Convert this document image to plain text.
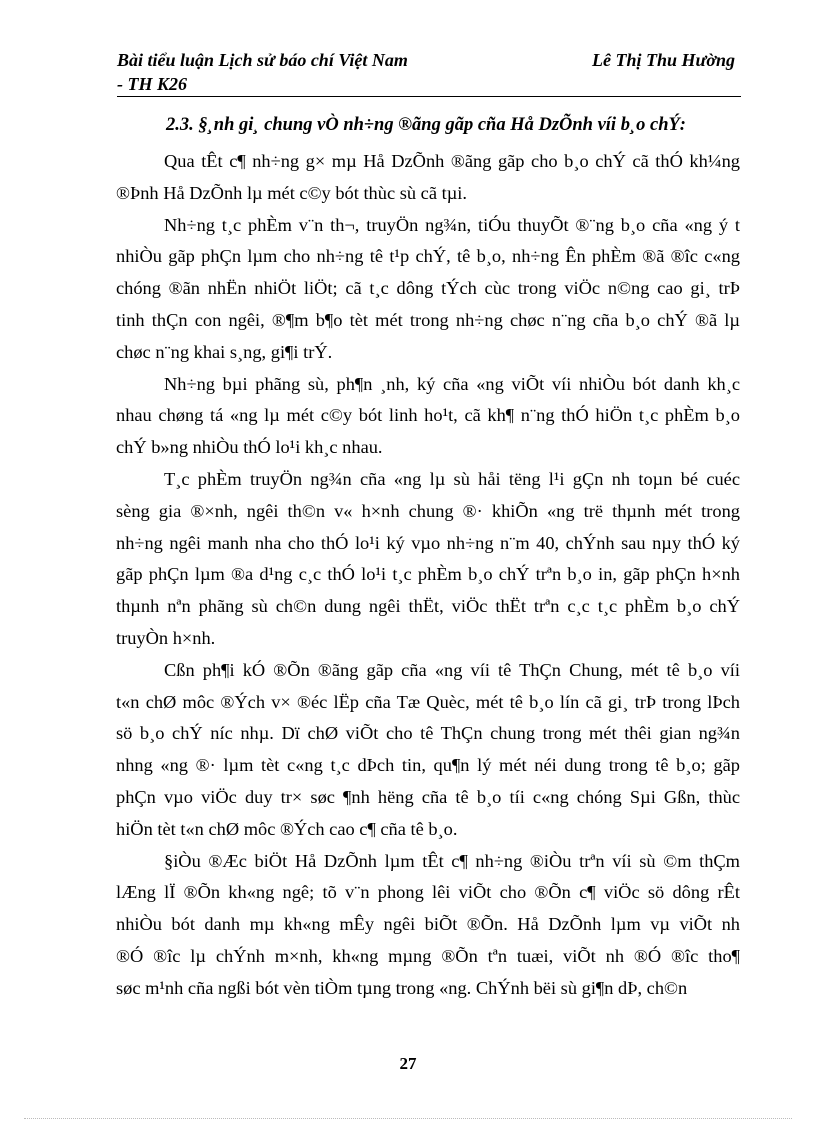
Bài tiểu luận Lịch sử báo chí Việt Nam
- TH K26
Lê Thị Thu Hường
2.3. §¸nh gi¸ chung vÒ nh÷ng ®ãng gãp cña Hå DzÕnh víi b¸o chÝ:
Qua tÊt c¶ nh÷ng g× mµ Hå DzÕnh ®ãng gãp cho b¸o chÝ cã thÓ kh¼ng
®Þnh Hå DzÕnh lµ mét c©y bót thùc sù cã tµi.
Nh÷ng t¸c phÈm v¨n th¬, truyÖn ng¾n, tiÓu thuyÕt ®¨ng b¸o cña «ng ý t
nhiÒu gãp phÇn lµm cho nh÷ng tê t¹p chÝ, tê b¸o, nh÷ng Ên phÈm ®ã ®îc c«ng
chóng ®ãn nhËn nhiÖt liÖt; cã t¸c dông tÝch cùc trong viÖc n©ng cao gi¸ trÞ
tinh thÇn con ngêi, ®¶m b¶o tèt mét trong nh÷ng chøc n¨ng cña b¸o chÝ ®ã lµ
chøc n¨ng khai s¸ng, gi¶i trÝ.
Nh÷ng bµi phãng sù, ph¶n ¸nh, ký cña «ng viÕt víi nhiÒu bót danh kh¸c
nhau chøng tá «ng lµ mét c©y bót linh ho¹t, cã kh¶ n¨ng thÓ hiÖn t¸c phÈm b¸o
chÝ b»ng nhiÒu thÓ lo¹i kh¸c nhau.
T¸c phÈm truyÖn ng¾n cña «ng lµ sù håi tëng l¹i gÇn nh toµn bé cuéc
sèng gia ®×nh, ngêi th©n v« h×nh chung ®· khiÕn «ng trë thµnh mét trong
nh÷ng ngêi manh nha cho thÓ lo¹i ký vµo nh÷ng n¨m 40, chÝnh sau nµy thÓ ký
gãp phÇn lµm ®a d¹ng c¸c thÓ lo¹i t¸c phÈm b¸o chÝ trªn b¸o in, gãp phÇn h×nh
thµnh nªn phãng sù ch©n dung ngêi thËt, viÖc thËt trªn c¸c t¸c phÈm b¸o chÝ
truyÒn h×nh.
Cßn ph¶i kÓ ®Õn ®ãng gãp cña «ng víi tê ThÇn Chung, mét tê b¸o víi
t«n chØ môc ®Ých v× ®éc lËp cña Tæ Quèc, mét tê b¸o lín cã gi¸ trÞ trong lÞch
sö b¸o chÝ níc nhµ. Dï chØ viÕt cho tê ThÇn chung trong mét thêi gian ng¾n
nhng «ng ®· lµm tèt c«ng t¸c dÞch tin, qu¶n lý mét néi dung trong tê b¸o; gãp
phÇn vµo viÖc duy tr× søc ¶nh hëng cña tê b¸o tíi c«ng chóng Sµi Gßn, thùc
hiÖn tèt t«n chØ môc ®Ých cao c¶ cña tê b¸o.
§iÒu ®Æc biÖt Hå DzÕnh lµm tÊt c¶ nh÷ng ®iÒu trªn víi sù ©m thÇm
lÆng lÏ ®Õn kh«ng ngê; tõ v¨n phong lêi viÕt cho ®Õn c¶ viÖc sö dông rÊt
nhiÒu bót danh mµ kh«ng mÊy ngêi biÕt ®Õn. Hå DzÕnh lµm vµ viÕt nh
®Ó ®îc lµ chÝnh m×nh, kh«ng mµng ®Õn tªn tuæi, viÕt nh ®Ó ®îc tho¶
søc m¹nh cña ngßi bót vèn tiÒm tµng trong «ng. ChÝnh bëi sù gi¶n dÞ, ch©n
27
